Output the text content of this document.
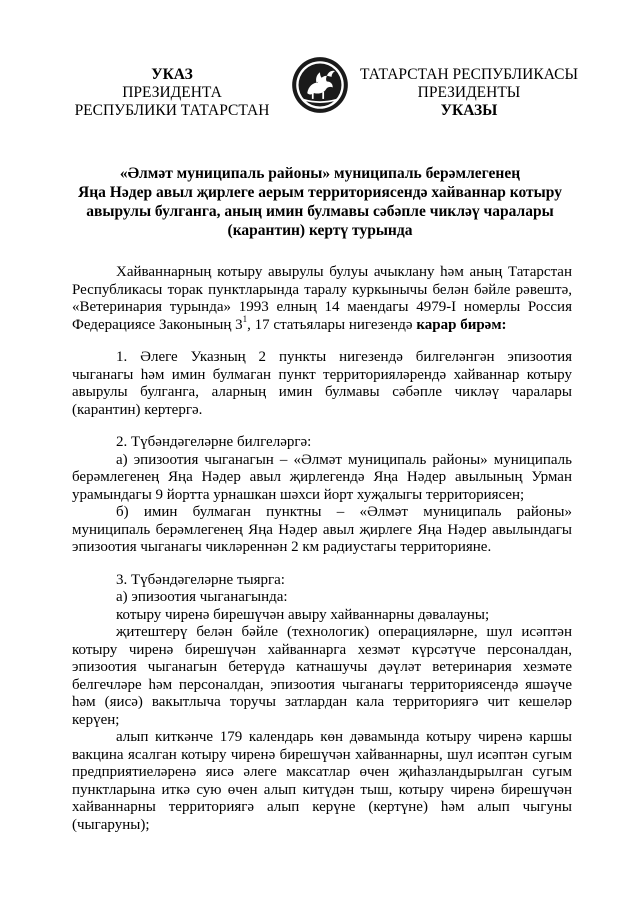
УКАЗ
ПРЕЗИДЕНТА
РЕСПУБЛИКИ ТАТАРСТАН
ТАТАРСТАН РЕСПУБЛИКАСЫ
ПРЕЗИДЕНТЫ
УКАЗЫ
«Әлмәт муниципаль районы» муниципаль берәмлегенең
Яңа Нәдер авыл җирлеге аерым территориясендә хайваннар котыру
авырулы булганга, аның имин булмавы сәбәпле чикләү чаралары
(карантин) кертү турында

Хайваннарның котыру авырулы булуы ачыклану һәм аның Татарстан Республикасы торак пунктларында таралу куркынычы белән бәйле рәвештә, «Ветеринария турында» 1993 елның 14 маендагы 4979-I номерлы Россия Федерациясе Законының $3^1$, 17 статьялары нигезендә карар бирәм:

1. Әлеге Указның 2 пункты нигезендә билгеләнгән эпизоотия чыганагы һәм имин булмаган пункт территорияләрендә хайваннар котыру авырулы булганга, аларның имин булмавы сәбәпле чикләү чаралары (карантин) кертергә.

2. Түбәндәгеләрне билгеләргә:

а) эпизоотия чыганагын – «Әлмәт муниципаль районы» муниципаль берәмлегенең Яңа Нәдер авыл җирлегендә Яңа Нәдер авылының Урман урамындагы 9 йортта урнашкан шәхси йорт хуҗалыгы территориясен;

б) имин булмаган пунктны – «Әлмәт муниципаль районы» муниципаль берәмлегенең Яңа Нәдер авыл җирлеге Яңа Нәдер авылындагы эпизоотия чыганагы чикләреннән 2 км радиустагы территорияне.

3. Түбәндәгеләрне тыярга:

а) эпизоотия чыганагында:

котыру чиренә бирешүчән авыру хайваннарны дәвалауны;

җитештерү белән бәйле (технологик) операцияләрне, шул исәптән котыру чиренә бирешүчән хайваннарга хезмәт күрсәтүче персоналдан, эпизоотия чыганагын бетерүдә катнашучы дәүләт ветеринария хезмәте белгечләре һәм персоналдан, эпизоотия чыганагы территориясендә яшәүче һәм (яисә) вакытлыча торучы затлардан кала территориягә чит кешеләр керүен;

алып киткәнче 179 календарь көн дәвамында котыру чиренә каршы вакцина ясалган котыру чиренә бирешүчән хайваннарны, шул исәптән сугым предприятиеләренә яисә әлеге максатлар өчен җиһазландырылган сугым пунктларына иткә сую өчен алып китүдән тыш, котыру чиренә бирешүчән хайваннарны территориягә алып керүне (кертүне) һәм алып чыгуны (чыгаруны);
